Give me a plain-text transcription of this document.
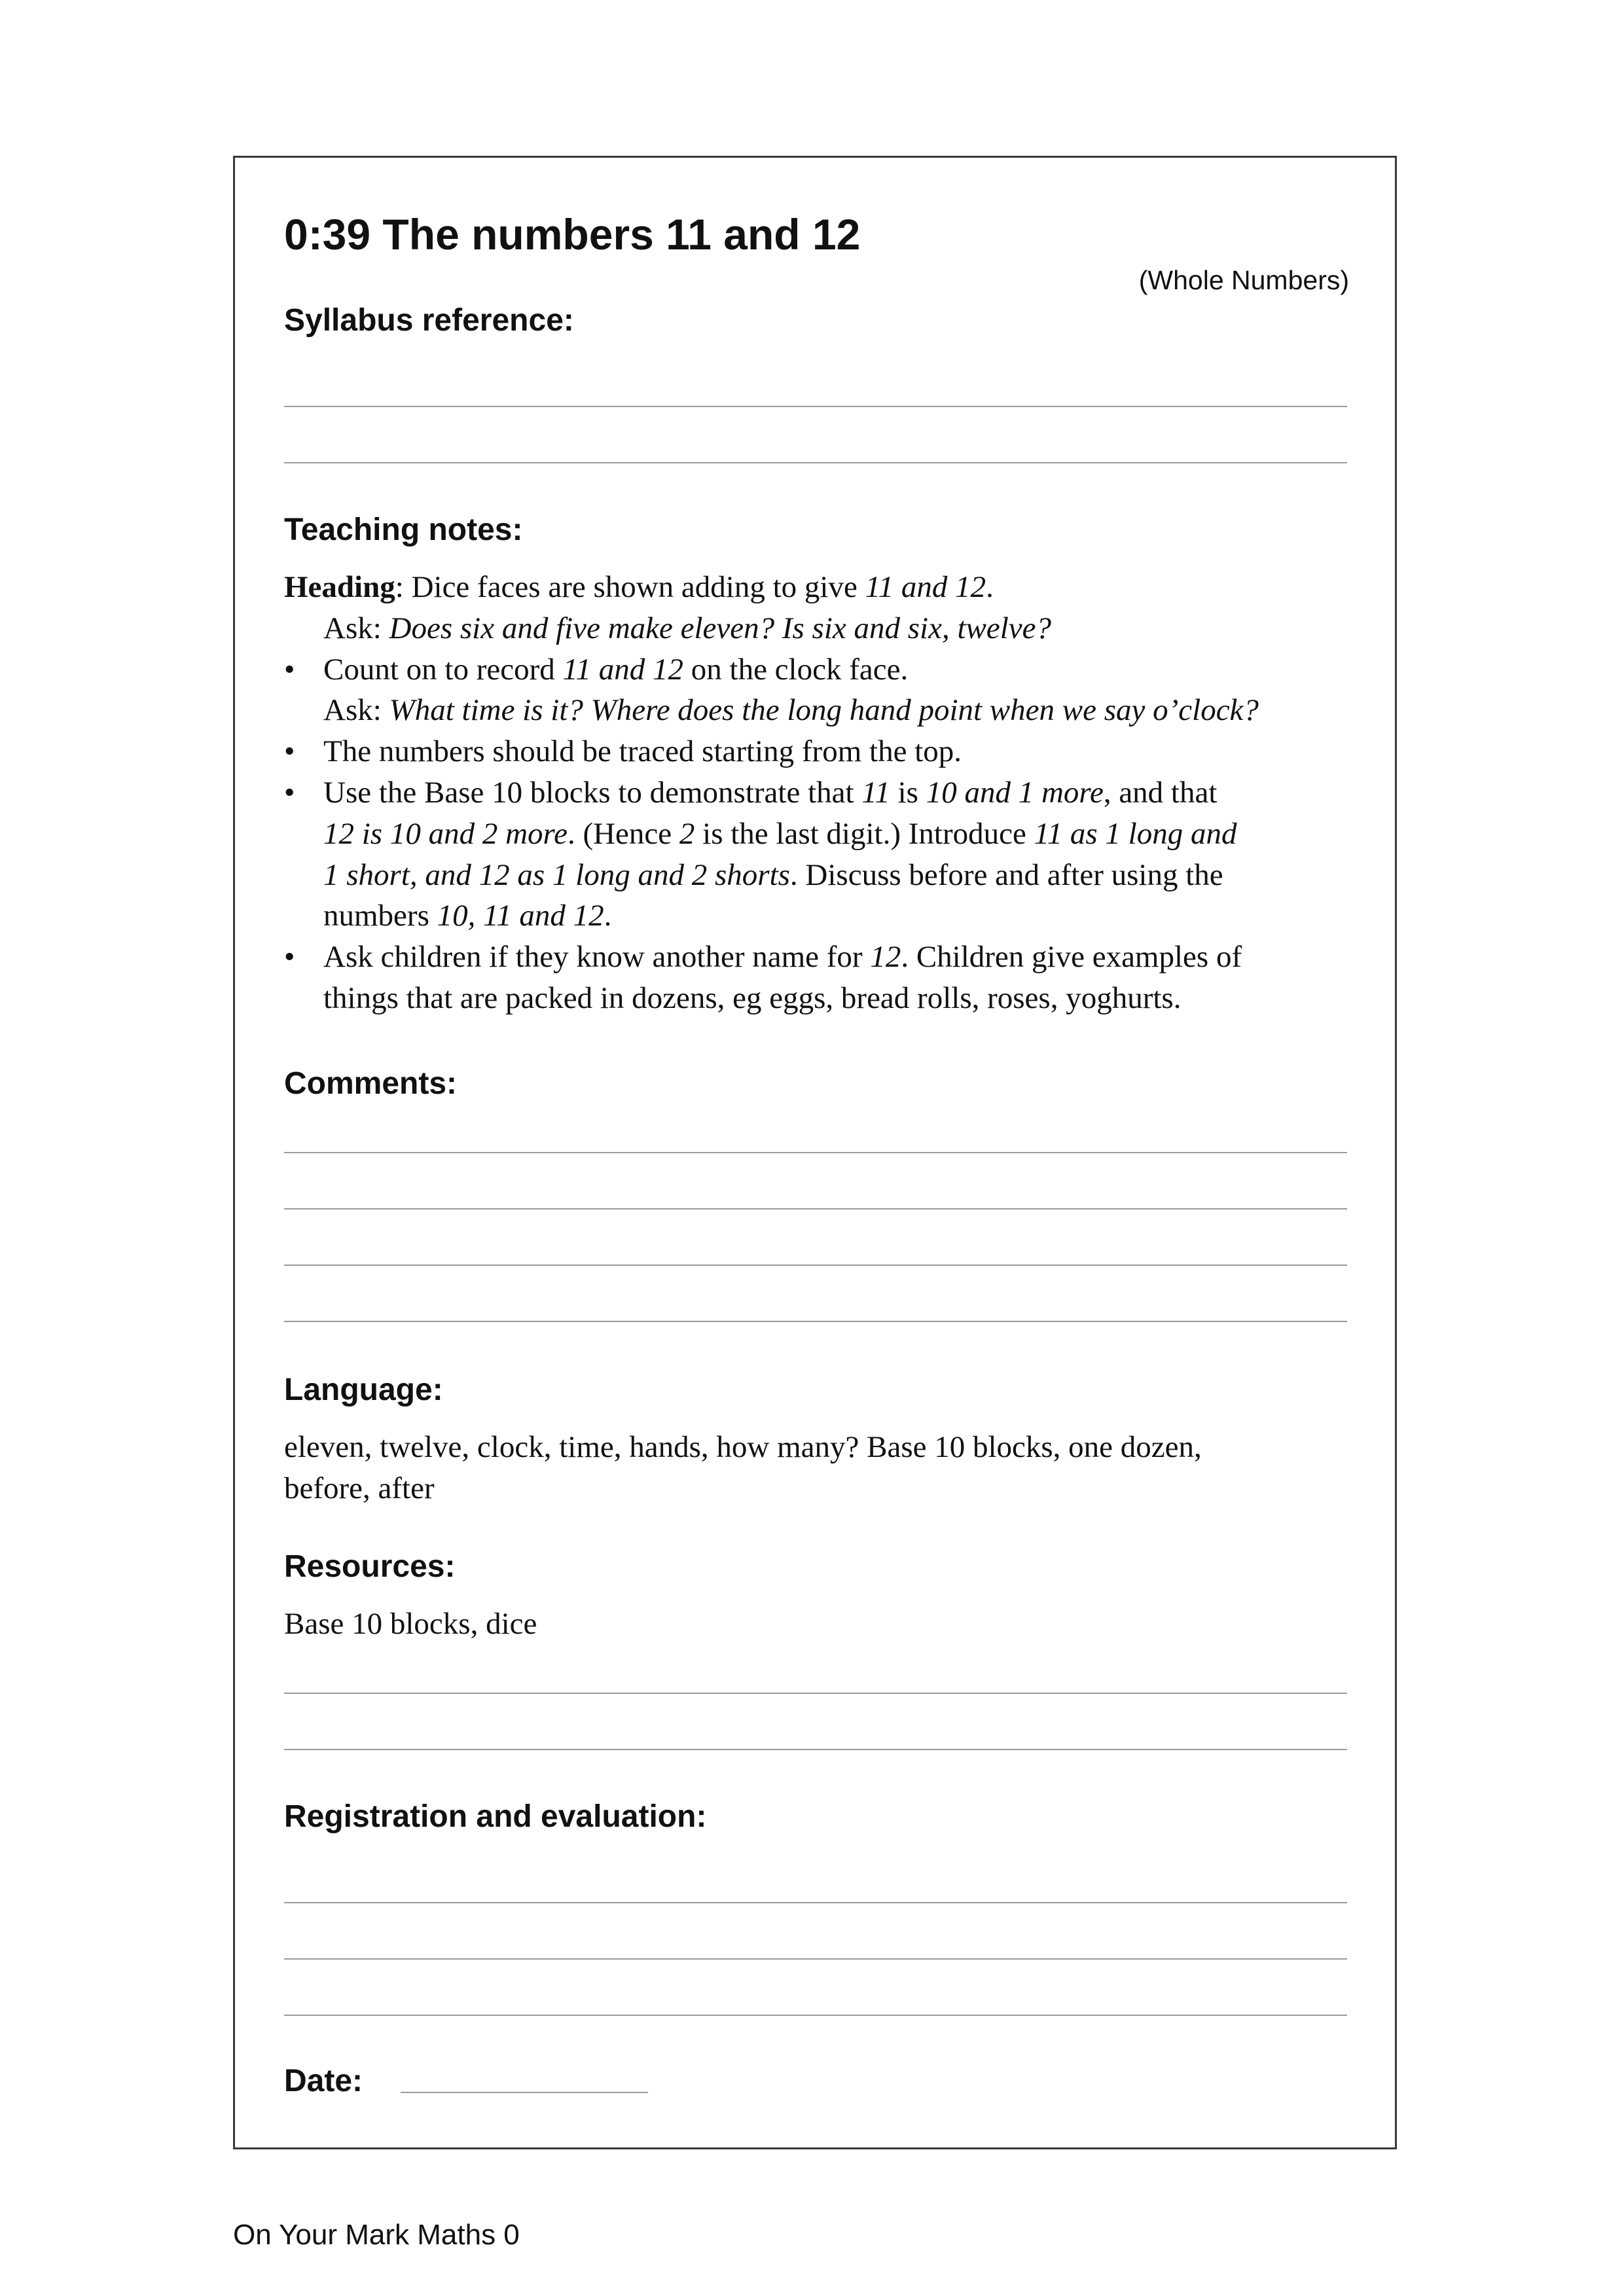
0:39 The numbers 11 and 12
(Whole Numbers)
Syllabus reference:
Teaching notes:
Heading: Dice faces are shown adding to give 11 and 12.
Ask: Does six and five make eleven? Is six and six, twelve?
• Count on to record 11 and 12 on the clock face.
Ask: What time is it? Where does the long hand point when we say o’clock?
• The numbers should be traced starting from the top.
• Use the Base 10 blocks to demonstrate that 11 is 10 and 1 more, and that
12 is 10 and 2 more. (Hence 2 is the last digit.) Introduce 11 as 1 long and
1 short, and 12 as 1 long and 2 shorts. Discuss before and after using the
numbers 10, 11 and 12.
• Ask children if they know another name for 12. Children give examples of
things that are packed in dozens, eg eggs, bread rolls, roses, yoghurts.
Comments:
Language:
eleven, twelve, clock, time, hands, how many? Base 10 blocks, one dozen,
before, after
Resources:
Base 10 blocks, dice
Registration and evaluation:
Date:
On Your Mark Maths 0
